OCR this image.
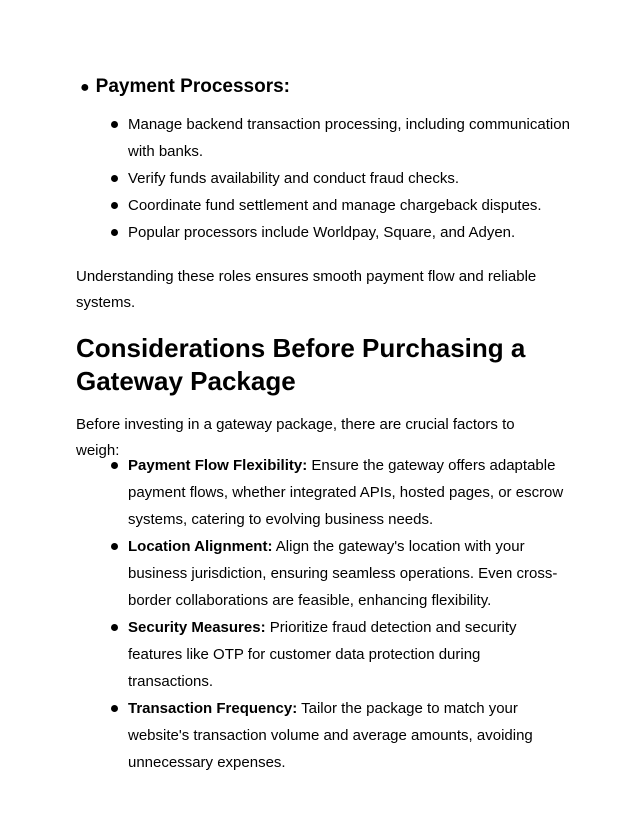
● Payment Processors:
Manage backend transaction processing, including communication with banks.
Verify funds availability and conduct fraud checks.
Coordinate fund settlement and manage chargeback disputes.
Popular processors include Worldpay, Square, and Adyen.

Understanding these roles ensures smooth payment flow and reliable systems.

Considerations Before Purchasing a Gateway Package

Before investing in a gateway package, there are crucial factors to weigh:

Payment Flow Flexibility: Ensure the gateway offers adaptable payment flows, whether integrated APIs, hosted pages, or escrow systems, catering to evolving business needs.
Location Alignment: Align the gateway's location with your business jurisdiction, ensuring seamless operations. Even cross-border collaborations are feasible, enhancing flexibility.
Security Measures: Prioritize fraud detection and security features like OTP for customer data protection during transactions.
Transaction Frequency: Tailor the package to match your website's transaction volume and average amounts, avoiding unnecessary expenses.
